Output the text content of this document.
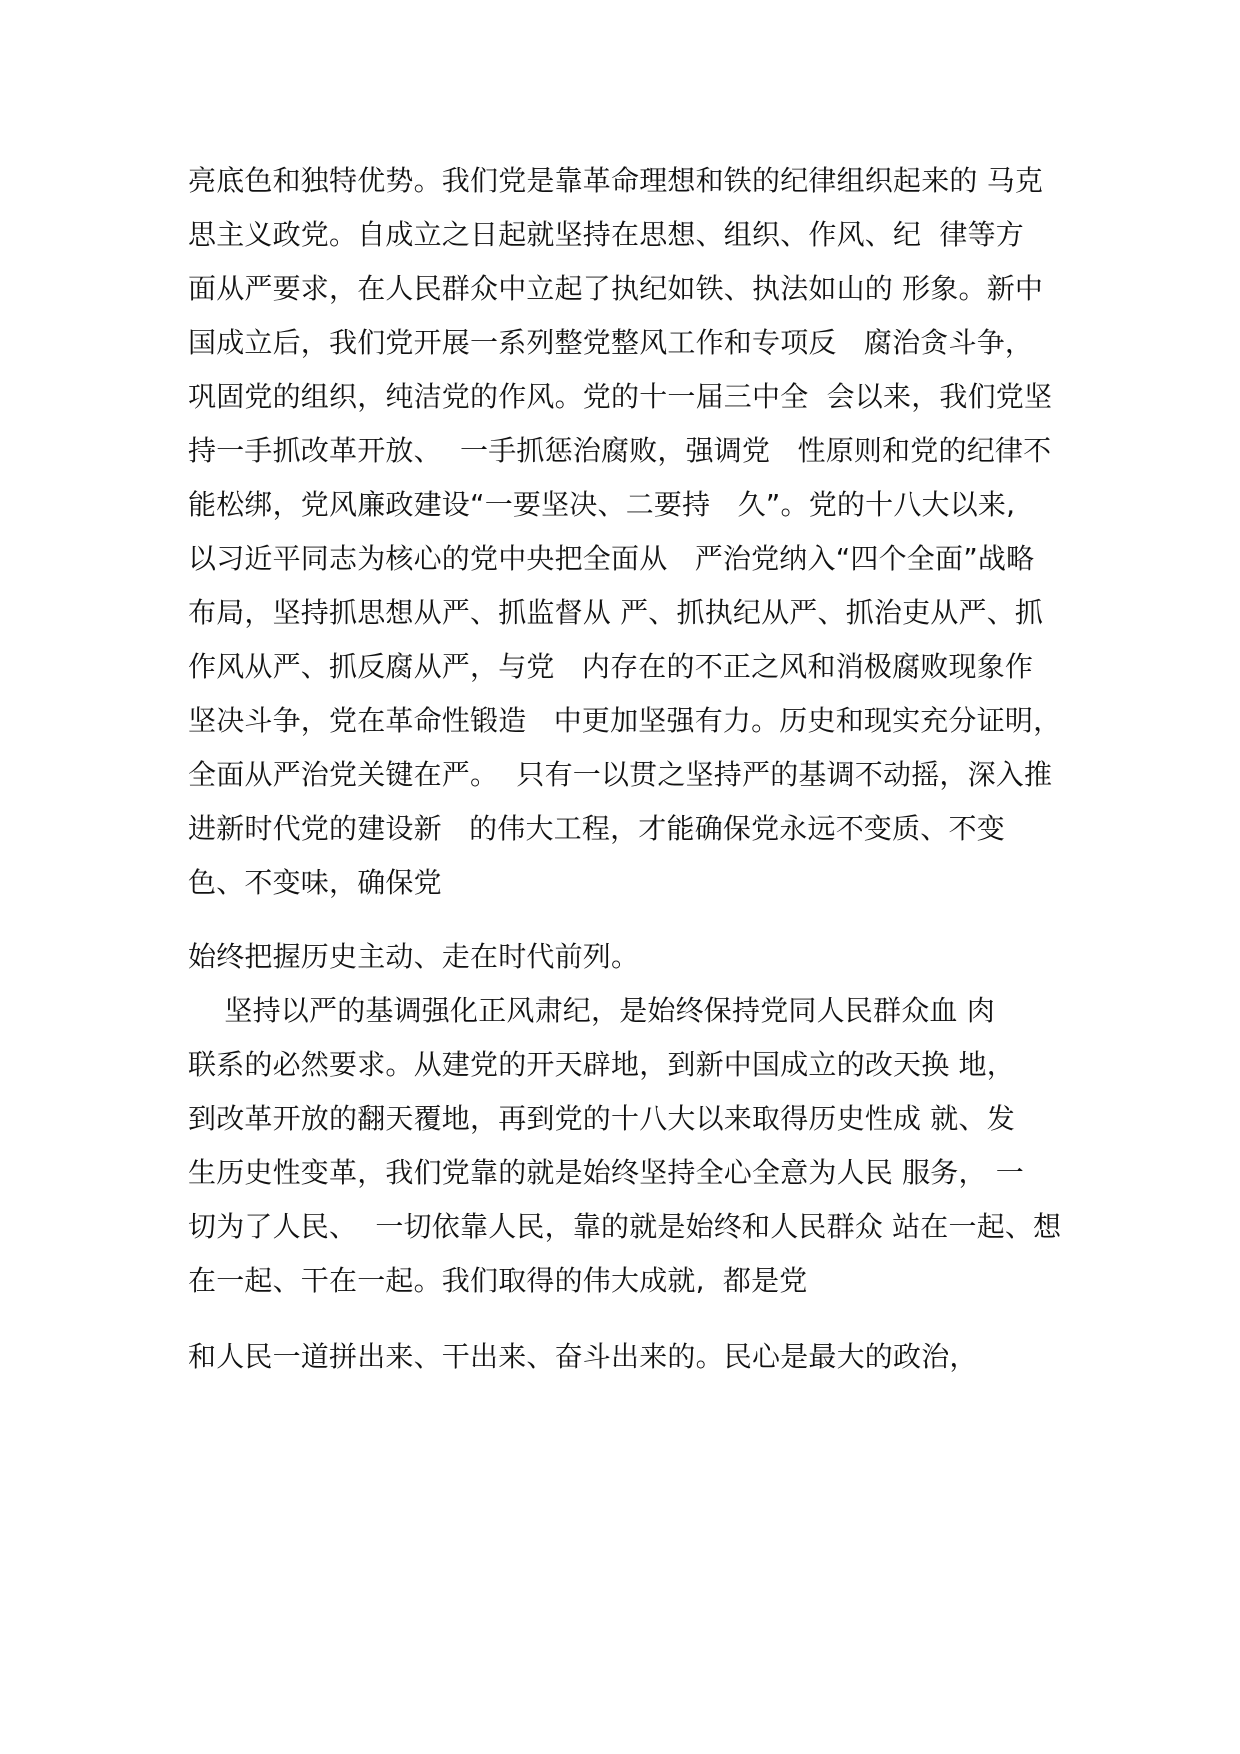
亮底色和独特优势。我们党是靠革命理想和铁的纪律组织起来的 马克
思主义政党。自成立之日起就坚持在思想、组织、作风、纪  律等方
面从严要求，在人民群众中立起了执纪如铁、执法如山的 形象。新中
国成立后，我们党开展一系列整党整风工作和专项反   腐治贪斗争，
巩固党的组织，纯洁党的作风。党的十一届三中全  会以来，我们党坚
持一手抓改革开放、  一手抓惩治腐败，强调党   性原则和党的纪律不
能松绑，党风廉政建设“一要坚决、二要持   久”。党的十八大以来,
以习近平同志为核心的党中央把全面从   严治党纳入“四个全面”战略
布局，坚持抓思想从严、抓监督从 严、抓执纪从严、抓治吏从严、抓
作风从严、抓反腐从严，与党   内存在的不正之风和消极腐败现象作
坚决斗争，党在革命性锻造   中更加坚强有力。历史和现实充分证明，
全面从严治党关键在严。  只有一以贯之坚持严的基调不动摇，深入推
进新时代党的建设新   的伟大工程，才能确保党永远不变质、不变
色、不变味，确保党
始终把握历史主动、走在时代前列。
坚持以严的基调强化正风肃纪，是始终保持党同人民群众血 肉
联系的必然要求。从建党的开天辟地，到新中国成立的改天换 地，
到改革开放的翻天覆地，再到党的十八大以来取得历史性成 就、发
生历史性变革，我们党靠的就是始终坚持全心全意为人民 服务， 一
切为了人民、  一切依靠人民，靠的就是始终和人民群众 站在一起、想
在一起、干在一起。我们取得的伟大成就,  都是党
和人民一道拼出来、干出来、奋斗出来的。民心是最大的政治，
